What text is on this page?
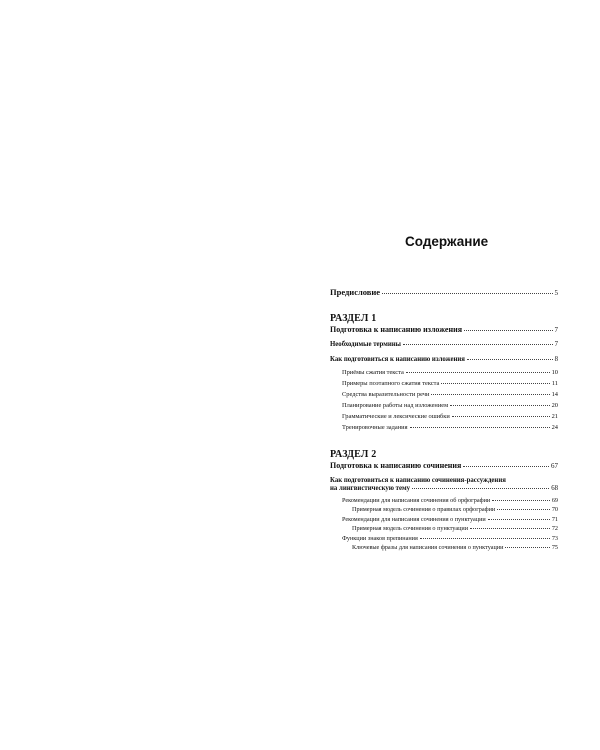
Содержание
Предисловие	5
РАЗДЕЛ 1
Подготовка к написанию изложения	7
Необходимые термины	7
Как подготовиться к написанию изложения	8
Приёмы сжатия текста	10
Примеры поэтапного сжатия текста	11
Средства выразительности речи	14
Планирование работы над изложением	20
Грамматические и лексические ошибки	21
Тренировочные задания	24
РАЗДЕЛ 2
Подготовка к написанию сочинения	67
Как подготовиться к написанию сочинения-рассуждения
на лингвистическую тему	68
Рекомендации для написания сочинения об орфографии	69
Примерная модель сочинения о правилах орфографии	70
Рекомендации для написания сочинения о пунктуации	71
Примерная модель сочинения о пунктуации	72
Функции знаков препинания	73
Ключевые фразы для написания сочинения о пунктуации	75
